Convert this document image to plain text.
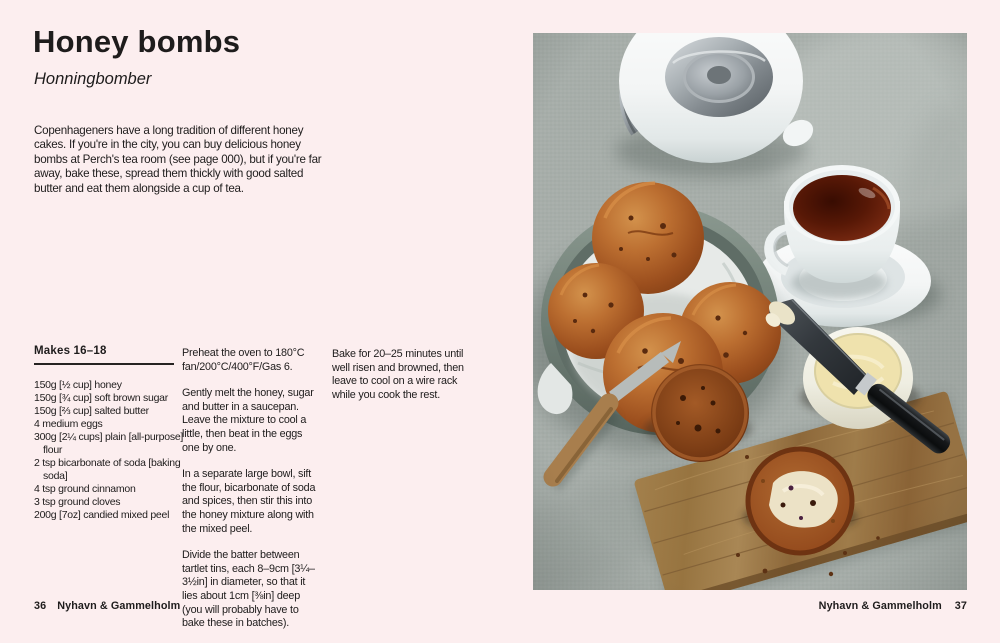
Honey bombs
Honningbomber

Copenhageners have a long tradition of different honey cakes. If you're in the city, you can buy delicious honey bombs at Perch's tea room (see page 000), but if you're far away, bake these, spread them thickly with good salted butter and eat them alongside a cup of tea.

Makes 16–18
150g [½ cup] honey
150g [¾ cup] soft brown sugar
150g [⅔ cup] salted butter
4 medium eggs
300g [2¼ cups] plain [all-purpose] flour
2 tsp bicarbonate of soda [baking soda]
4 tsp ground cinnamon
3 tsp ground cloves
200g [7oz] candied mixed peel

Preheat the oven to 180°C fan/200°C/400°F/Gas 6.

Gently melt the honey, sugar and butter in a saucepan. Leave the mixture to cool a little, then beat in the eggs one by one.

In a separate large bowl, sift the flour, bicarbonate of soda and spices, then stir this into the honey mixture along with the mixed peel.

Divide the batter between tartlet tins, each 8–9cm [3¼–3½in] in diameter, so that it lies about 1cm [⅜in] deep (you will probably have to bake these in batches).

Bake for 20–25 minutes until well risen and browned, then leave to cool on a wire rack while you cook the rest.

36 Nyhavn & Gammelholm	Nyhavn & Gammelholm 37
